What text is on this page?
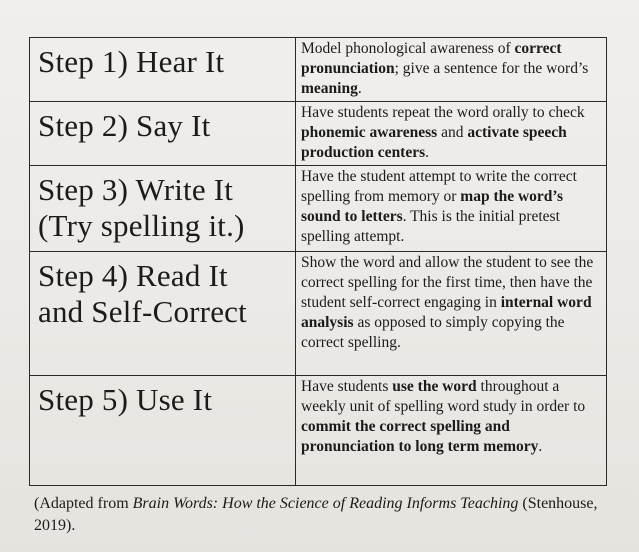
Step 1) Hear It	Model phonological awareness of correct pronunciation; give a sentence for the word’s meaning.

Step 2) Say It	Have students repeat the word orally to check phonemic awareness and activate speech production centers.

Step 3) Write It
(Try spelling it.)	Have the student attempt to write the correct spelling from memory or map the word’s sound to letters. This is the initial pretest spelling attempt.

Step 4) Read It
and Self-Correct	Show the word and allow the student to see the correct spelling for the first time, then have the student self-correct engaging in internal word analysis as opposed to simply copying the correct spelling.

Step 5) Use It	Have students use the word throughout a weekly unit of spelling word study in order to commit the correct spelling and pronunciation to long term memory.
(Adapted from Brain Words: How the Science of Reading Informs Teaching (Stenhouse, 2019).
